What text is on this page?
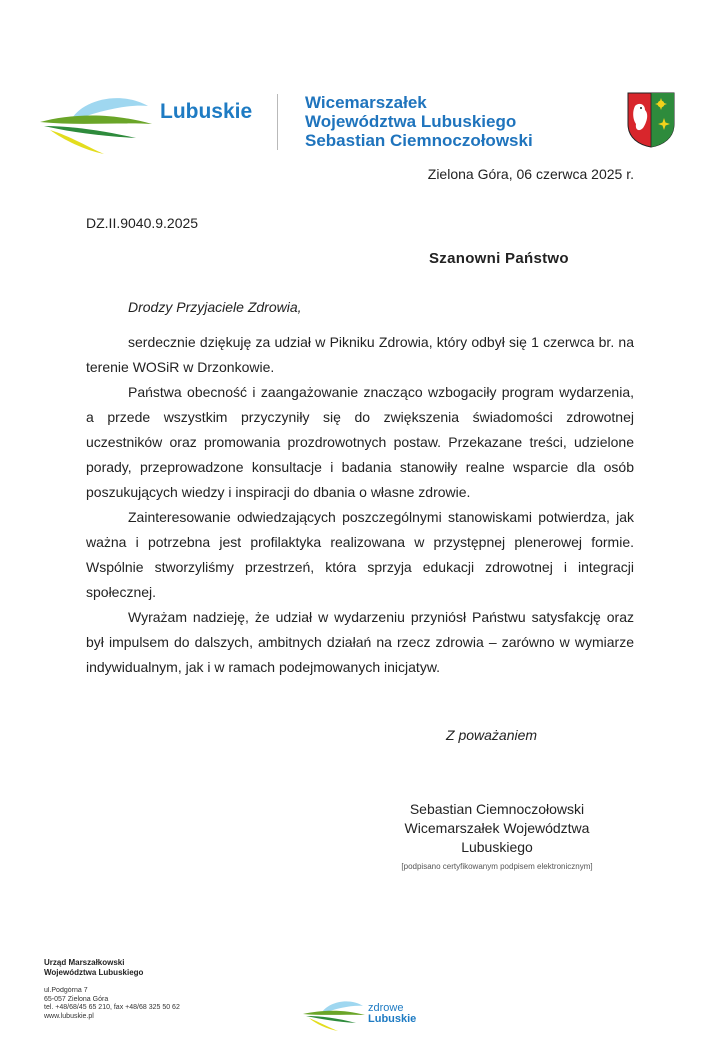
Lubuskie	Wicemarszałek
Województwa Lubuskiego
Sebastian Ciemnoczołowski
Zielona Góra, 06 czerwca 2025 r.
DZ.II.9040.9.2025
Szanowni Państwo
Drodzy Przyjaciele Zdrowia,

serdecznie dziękuję za udział w Pikniku Zdrowia, który odbył się 1 czerwca br. na terenie WOSiR w Drzonkowie.

Państwa obecność i zaangażowanie znacząco wzbogaciły program wydarzenia, a przede wszystkim przyczyniły się do zwiększenia świadomości zdrowotnej uczestników oraz promowania prozdrowotnych postaw. Przekazane treści, udzielone porady, przeprowadzone konsultacje i badania stanowiły realne wsparcie dla osób poszukujących wiedzy i inspiracji do dbania o własne zdrowie.

Zainteresowanie odwiedzających poszczególnymi stanowiskami potwierdza, jak ważna i potrzebna jest profilaktyka realizowana w przystępnej plenerowej formie. Wspólnie stworzyliśmy przestrzeń, która sprzyja edukacji zdrowotnej i integracji społecznej.

Wyrażam nadzieję, że udział w wydarzeniu przyniósł Państwu satysfakcję oraz był impulsem do dalszych, ambitnych działań na rzecz zdrowia – zarówno w wymiarze indywidualnym, jak i w ramach podejmowanych inicjatyw.

Z poważaniem
Sebastian Ciemnoczołowski
Wicemarszałek Województwa
Lubuskiego
[podpisano certyfikowanym podpisem elektronicznym]
Urząd Marszałkowski
Województwa Lubuskiego
ul.Podgórna 7
65-057 Zielona Góra
tel. +48/68/45 65 210, fax +48/68 325 50 62
www.lubuskie.pl
zdrowe
Lubuskie
